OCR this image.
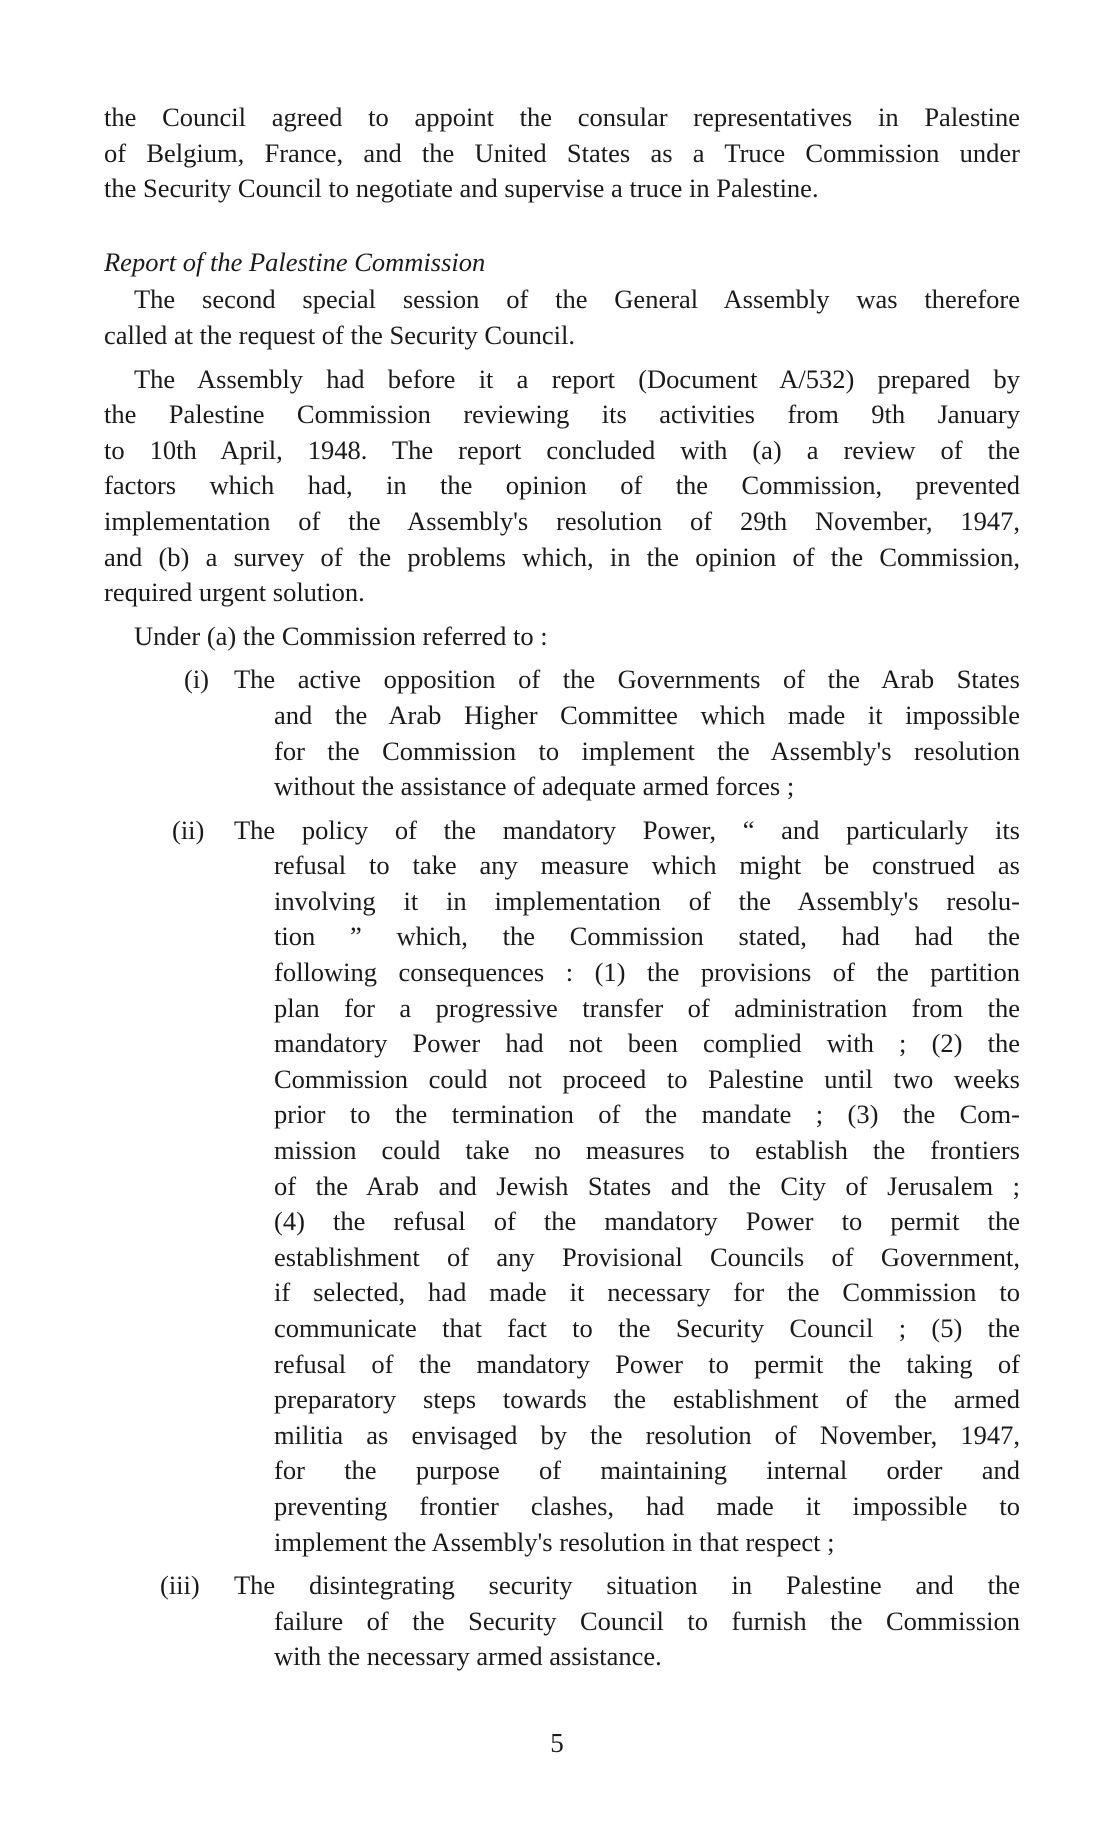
the Council agreed to appoint the consular representatives in Palestine
of Belgium, France, and the United States as a Truce Commission under
the Security Council to negotiate and supervise a truce in Palestine.

Report of the Palestine Commission

The second special session of the General Assembly was therefore
called at the request of the Security Council.
The Assembly had before it a report (Document A/532) prepared by
the Palestine Commission reviewing its activities from 9th January
to 10th April, 1948. The report concluded with (a) a review of the
factors which had, in the opinion of the Commission, prevented
implementation of the Assembly's resolution of 29th November, 1947,
and (b) a survey of the problems which, in the opinion of the Commission,
required urgent solution.
Under (a) the Commission referred to :
(i) The active opposition of the Governments of the Arab States
and the Arab Higher Committee which made it impossible
for the Commission to implement the Assembly's resolution
without the assistance of adequate armed forces ;
(ii) The policy of the mandatory Power, “ and particularly its
refusal to take any measure which might be construed as
involving it in implementation of the Assembly's resolu-
tion ” which, the Commission stated, had had the
following consequences : (1) the provisions of the partition
plan for a progressive transfer of administration from the
mandatory Power had not been complied with ; (2) the
Commission could not proceed to Palestine until two weeks
prior to the termination of the mandate ; (3) the Com-
mission could take no measures to establish the frontiers
of the Arab and Jewish States and the City of Jerusalem ;
(4) the refusal of the mandatory Power to permit the
establishment of any Provisional Councils of Government,
if selected, had made it necessary for the Commission to
communicate that fact to the Security Council ; (5) the
refusal of the mandatory Power to permit the taking of
preparatory steps towards the establishment of the armed
militia as envisaged by the resolution of November, 1947,
for the purpose of maintaining internal order and
preventing frontier clashes, had made it impossible to
implement the Assembly's resolution in that respect ;
(iii) The disintegrating security situation in Palestine and the
failure of the Security Council to furnish the Commission
with the necessary armed assistance.
5
